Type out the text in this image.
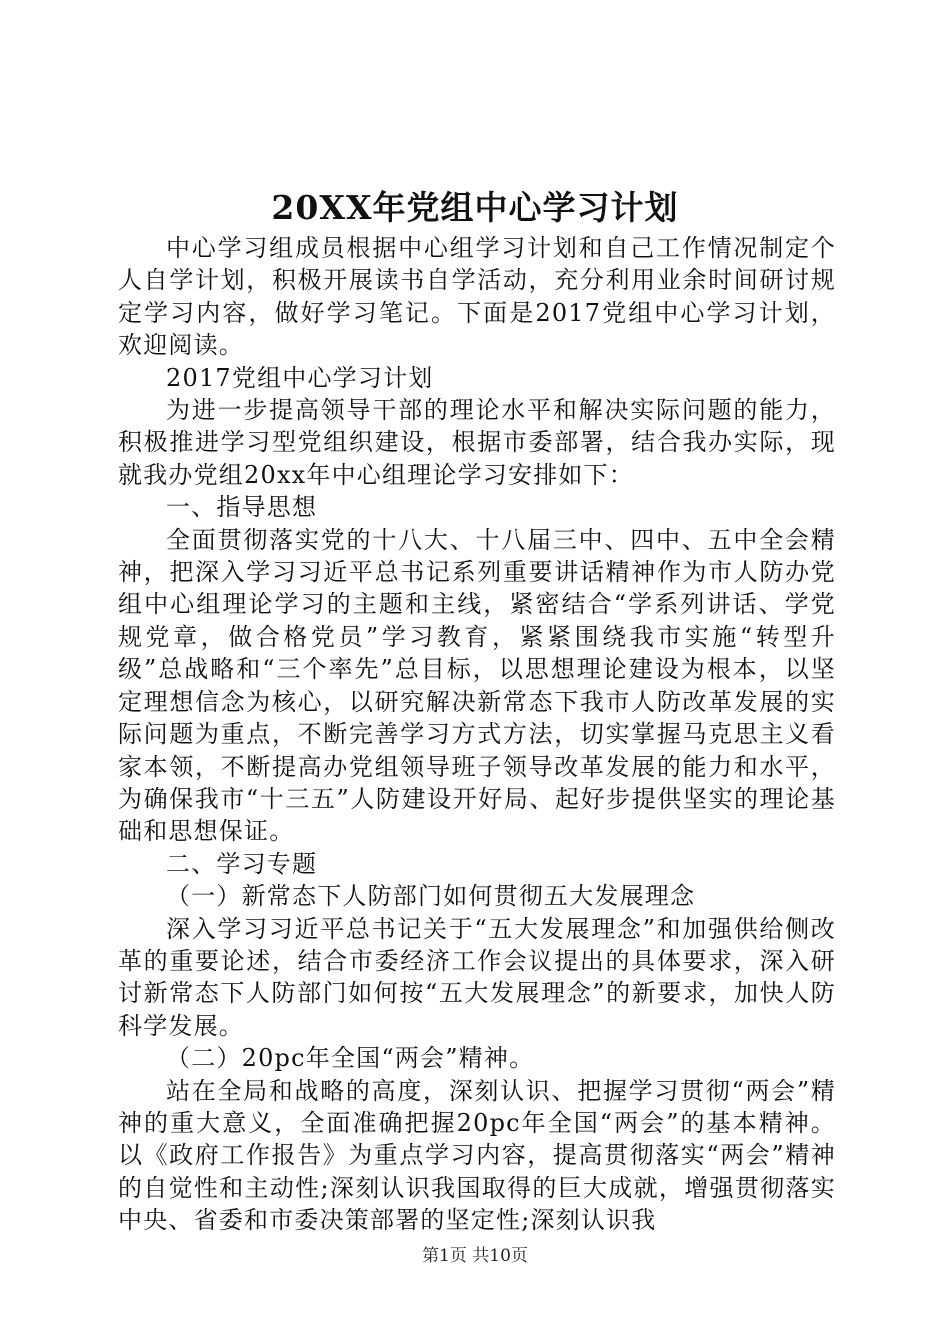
20XX年党组中心学习计划

中心学习组成员根据中心组学习计划和自己工作情况制定个人自学计划，积极开展读书自学活动，充分利用业余时间研讨规定学习内容，做好学习笔记。下面是2017党组中心学习计划，欢迎阅读。

2017党组中心学习计划

为进一步提高领导干部的理论水平和解决实际问题的能力，积极推进学习型党组织建设，根据市委部署，结合我办实际，现就我办党组20xx年中心组理论学习安排如下：

一、指导思想

全面贯彻落实党的十八大、十八届三中、四中、五中全会精神，把深入学习习近平总书记系列重要讲话精神作为市人防办党组中心组理论学习的主题和主线，紧密结合“学系列讲话、学党规党章，做合格党员”学习教育，紧紧围绕我市实施“转型升级”总战略和“三个率先”总目标，以思想理论建设为根本，以坚定理想信念为核心，以研究解决新常态下我市人防改革发展的实际问题为重点，不断完善学习方式方法，切实掌握马克思主义看家本领，不断提高办党组领导班子领导改革发展的能力和水平，为确保我市“十三五”人防建设开好局、起好步提供坚实的理论基础和思想保证。

二、学习专题

（一）新常态下人防部门如何贯彻五大发展理念

深入学习习近平总书记关于“五大发展理念”和加强供给侧改革的重要论述，结合市委经济工作会议提出的具体要求，深入研讨新常态下人防部门如何按“五大发展理念”的新要求，加快人防科学发展。

（二）20pc年全国“两会”精神。

站在全局和战略的高度，深刻认识、把握学习贯彻“两会”精神的重大意义，全面准确把握20pc年全国“两会”的基本精神。以《政府工作报告》为重点学习内容，提高贯彻落实“两会”精神的自觉性和主动性;深刻认识我国取得的巨大成就，增强贯彻落实中央、省委和市委决策部署的坚定性;深刻认识我

第1页 共10页
